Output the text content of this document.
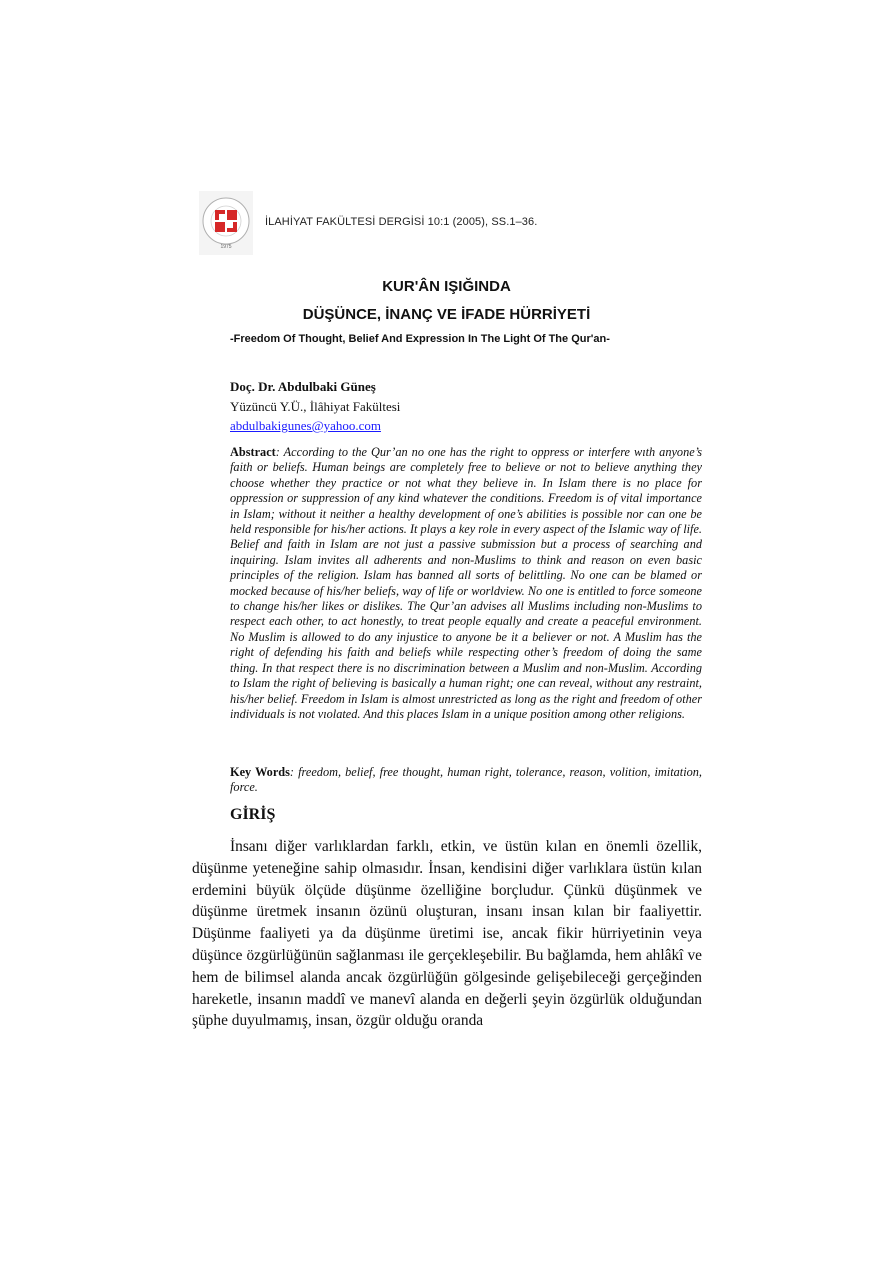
1975
İLAHİYAT FAKÜLTESİ DERGİSİ 10:1 (2005), SS.1–36.
KUR'ÂN IŞIĞINDA
DÜŞÜNCE, İNANÇ VE İFADE HÜRRİYETİ
-Freedom Of Thought, Belief And Expression In The Light Of The Qur'an-
Doç. Dr. Abdulbaki Güneş
Yüzüncü Y.Ü., İlâhiyat Fakültesi
abdulbakigunes@yahoo.com

Abstract: According to the Qur’an no one has the right to oppress or interfere wıth anyone’s faith or beliefs. Human beings are completely free to believe or not to believe anything they choose whether they practice or not what they believe in. In Islam there is no place for oppression or suppression of any kind whatever the conditions. Freedom is of vital importance in Islam; without it neither a healthy development of one’s abilities is possible nor can one be held responsible for his/her actions. It plays a key role in every aspect of the Islamic way of life. Belief and faith in Islam are not just a passive submission but a process of searching and inquiring. Islam invites all adherents and non-Muslims to think and reason on even basic principles of the religion. Islam has banned all sorts of belittling. No one can be blamed or mocked because of his/her beliefs, way of life or worldview. No one is entitled to force someone to change his/her likes or dislikes. The Qur’an advises all Muslims including non-Muslims to respect each other, to act honestly, to treat people equally and create a peaceful environment. No Muslim is allowed to do any injustice to anyone be it a believer or not. A Muslim has the right of defending his faith and beliefs while respecting other’s freedom of doing the same thing. In that respect there is no discrimination between a Muslim and non-Muslim. According to Islam the right of believing is basically a human right; one can reveal, without any restraint, his/her belief. Freedom in Islam is almost unrestricted as long as the right and freedom of other individuals is not vıolated. And this places Islam in a unique position among other religions.

Key Words: freedom, belief, free thought, human right, tolerance, reason, volition, imitation, force.

GİRİŞ

İnsanı diğer varlıklardan farklı, etkin, ve üstün kılan en önemli özellik, düşünme yeteneğine sahip olmasıdır. İnsan, kendisini diğer varlıklara üstün kılan erdemini büyük ölçüde düşünme özelliğine borçludur. Çünkü düşünmek ve düşünme üretmek insanın özünü oluşturan, insanı insan kılan bir faaliyettir. Düşünme faaliyeti ya da düşünme üretimi ise, ancak fikir hürriyetinin veya düşünce özgürlüğünün sağlanması ile gerçekleşebilir. Bu bağlamda, hem ahlâkî ve hem de bilimsel alanda ancak özgürlüğün gölgesinde gelişebileceği gerçeğinden hareketle, insanın maddî ve manevî alanda en değerli şeyin özgürlük olduğundan şüphe duyulmamış, insan, özgür olduğu oranda
